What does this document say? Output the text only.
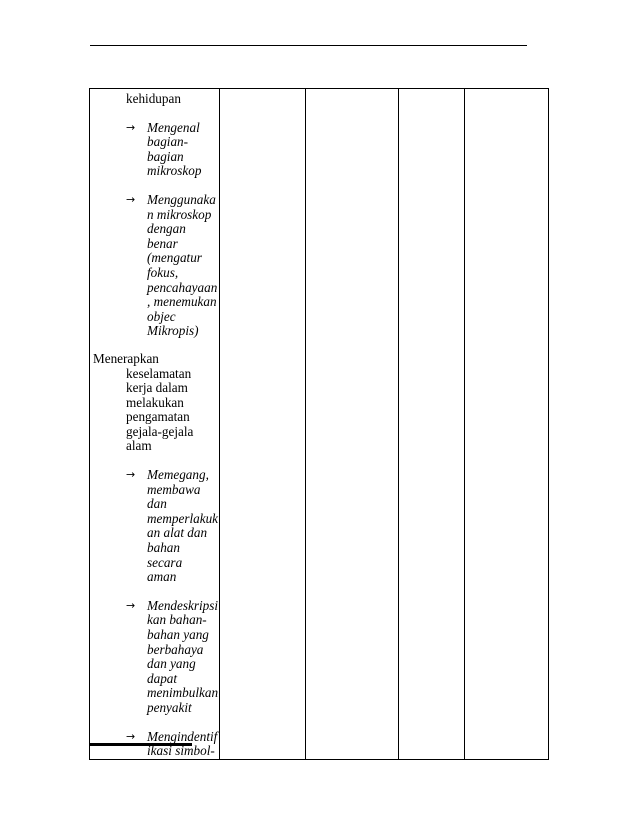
kehidupan

→ Mengenal
bagian-
bagian
mikroskop
→ Menggunaka
n mikroskop
dengan
benar
(mengatur
fokus,
pencahayaan
, menemukan
objec
Mikropis)

Menerapkan
keselamatan
kerja dalam
melakukan
pengamatan
gejala-gejala
alam

→ Memegang,
membawa
dan
memperlakuk
an alat dan
bahan secara
aman
→ Mendeskripsi
kan bahan-
bahan yang
berbahaya
dan yang
dapat
menimbulkan
penyakit
→ Mengindentif
ikasi simbol-
